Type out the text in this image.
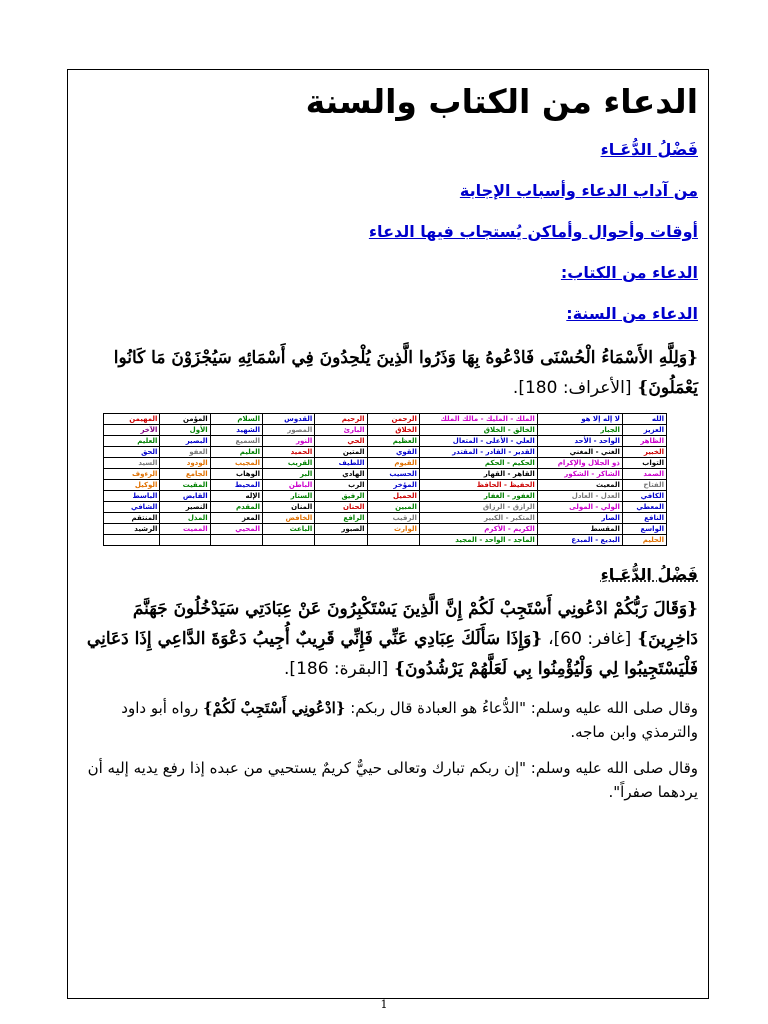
الدعاء من الكتاب والسنة
فَضْلُ الدُّعَـاء
من آداب الدعاء وأسباب الإجابة
أوقات وأحوال وأماكن يُستجاب فيها الدعاء
الدعاء من الكتاب:
الدعاء من السنة:
{وَلِلَّهِ الأَسْمَاءُ الْحُسْنَى فَادْعُوهُ بِهَا وَذَرُوا الَّذِينَ يُلْحِدُونَ فِي أَسْمَائِهِ سَيُجْزَوْنَ مَا كَانُوا يَعْمَلُونَ} [الأعراف: 180].
الله	لا إله إلا هو	الملك - المليك - مالك الملك	الرحمن	الرحيم	القدوس	السلام	المؤمن	المهيمن
العزيز	الجبار	الخالق - الخلاق	الخلاق	البارئ	المصور	الشهيد	الأول	الآخر
الظاهر	الواحد - الأحد	العلي - الأعلى - المتعال	العظيم	الحي	النور	السميع	البصير	العليم
الخبير	الغني - المغني	القدير - القادر - المقتدر	القوي	المتين	الحميد	العليم	العفو	الحق
التواب	ذو الجلال والإكرام	الحكيم - الحكم	القيوم	اللطيف	القريب	المجيب	الودود	السيد
الصمد	الشاكر - الشكور	القاهر - القهار	الحسيب	الهادي	البر	الوهاب	الجامع	الرءوف
الفتاح	المعيث	الحفيظ - الحافظ	المؤخر	الرب	الباطن	المحيط	المقيت	الوكيل
الكافي	العدل - العادل	الغفور - الغفار	الحميل	الرفيق	الستار	الإله	القابض	الباسط
المعطي	الولي - المولى	الرازق - الرزاق	المبين	الحنان	المنان	المقدم	النصير	الشافي
النافع	الصار	المتكبر - الكبير	الرقيب	الرافع	الخافض	المعز	المذل	المنتقم
الواسع	المقسط	الكريم - الأكرم	الوارث	الصبور	الباعث	المحيي	المميت	الرشيد
الحليم	البديع - المبدع	الماجد - الواحد - المجيد						
فَضْلُ الدُّعَـاءِ
{وَقَالَ رَبُّكُمْ ادْعُونِي أَسْتَجِبْ لَكُمْ إِنَّ الَّذِينَ يَسْتَكْبِرُونَ عَنْ عِبَادَتِي سَيَدْخُلُونَ جَهَنَّمَ دَاخِرِينَ} [غافر: 60]، {وَإِذَا سَأَلَكَ عِبَادِي عَنِّي فَإِنِّي قَرِيبٌ أُجِيبُ دَعْوَةَ الدَّاعِي إِذَا دَعَانِي فَلْيَسْتَجِيبُوا لِي وَلْيُؤْمِنُوا بِي لَعَلَّهُمْ يَرْشُدُونَ} [البقرة: 186].
وقال صلى الله عليه وسلم: "الدُّعاءُ هو العبادة قال ربكم: {ادْعُونِي أَسْتَجِبْ لَكُمْ} رواه أبو داود والترمذي وابن ماجه.
وقال صلى الله عليه وسلم: "إن ربكم تبارك وتعالى حييٌّ كريمٌ يستحيي من عبده إذا رفع يديه إليه أن يردهما صفراً".
1
